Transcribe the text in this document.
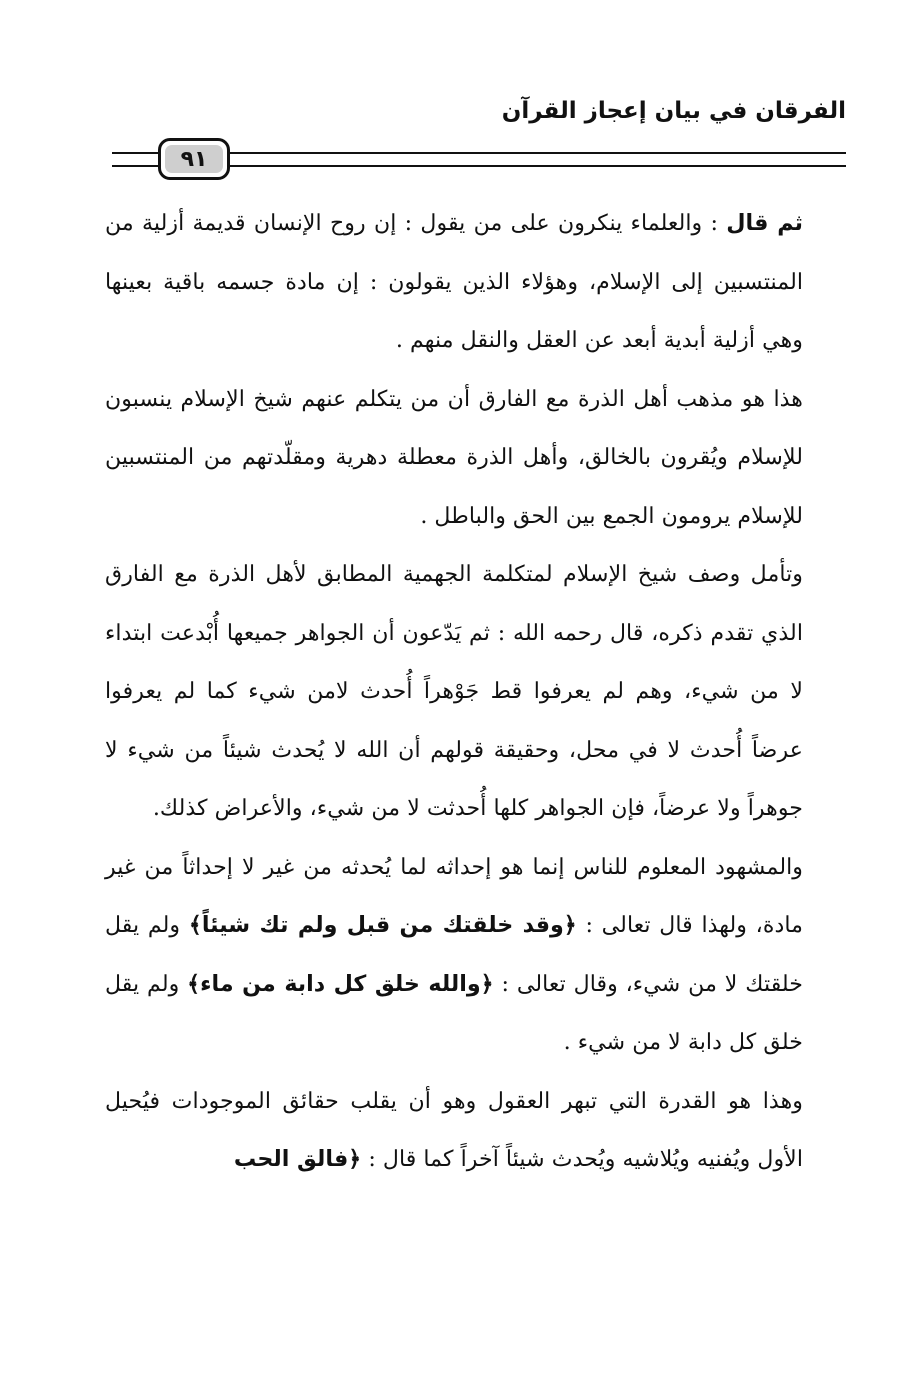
الفرقان في بيان إعجاز القرآن
٩١

ثم قال : والعلماء ينكرون على من يقول : إن روح الإنسان قديمة أزلية من المنتسبين إلى الإسلام، وهؤلاء الذين يقولون : إن مادة جسمه باقية بعينها وهي أزلية أبدية أبعد عن العقل والنقل منهم .

هذا هو مذهب أهل الذرة مع الفارق أن من يتكلم عنهم شيخ الإسلام ينسبون للإسلام ويُقرون بالخالق، وأهل الذرة معطلة دهرية ومقلّدتهم من المنتسبين للإسلام يرومون الجمع بين الحق والباطل .

وتأمل وصف شيخ الإسلام لمتكلمة الجهمية المطابق لأهل الذرة مع الفارق الذي تقدم ذكره، قال رحمه الله : ثم يَدّعون أن الجواهر جميعها أُبْدعت ابتداء لا من شيء، وهم لم يعرفوا قط جَوْهراً أُحدث لامن شيء كما لم يعرفوا عرضاً أُحدث لا في محل، وحقيقة قولهم أن الله لا يُحدث شيئاً من شيء لا جوهراً ولا عرضاً، فإن الجواهر كلها أُحدثت لا من شيء، والأعراض كذلك.

والمشهود المعلوم للناس إنما هو إحداثه لما يُحدثه من غير لا إحداثاً من غير مادة، ولهذا قال تعالى : ﴿وقد خلقتك من قبل ولم تك شيئاً﴾ ولم يقل خلقتك لا من شيء، وقال تعالى : ﴿والله خلق كل دابة من ماء﴾ ولم يقل خلق كل دابة لا من شيء .

وهذا هو القدرة التي تبهر العقول وهو أن يقلب حقائق الموجودات فيُحيل الأول ويُفنيه ويُلاشيه ويُحدث شيئاً آخراً كما قال : ﴿فالق الحب
